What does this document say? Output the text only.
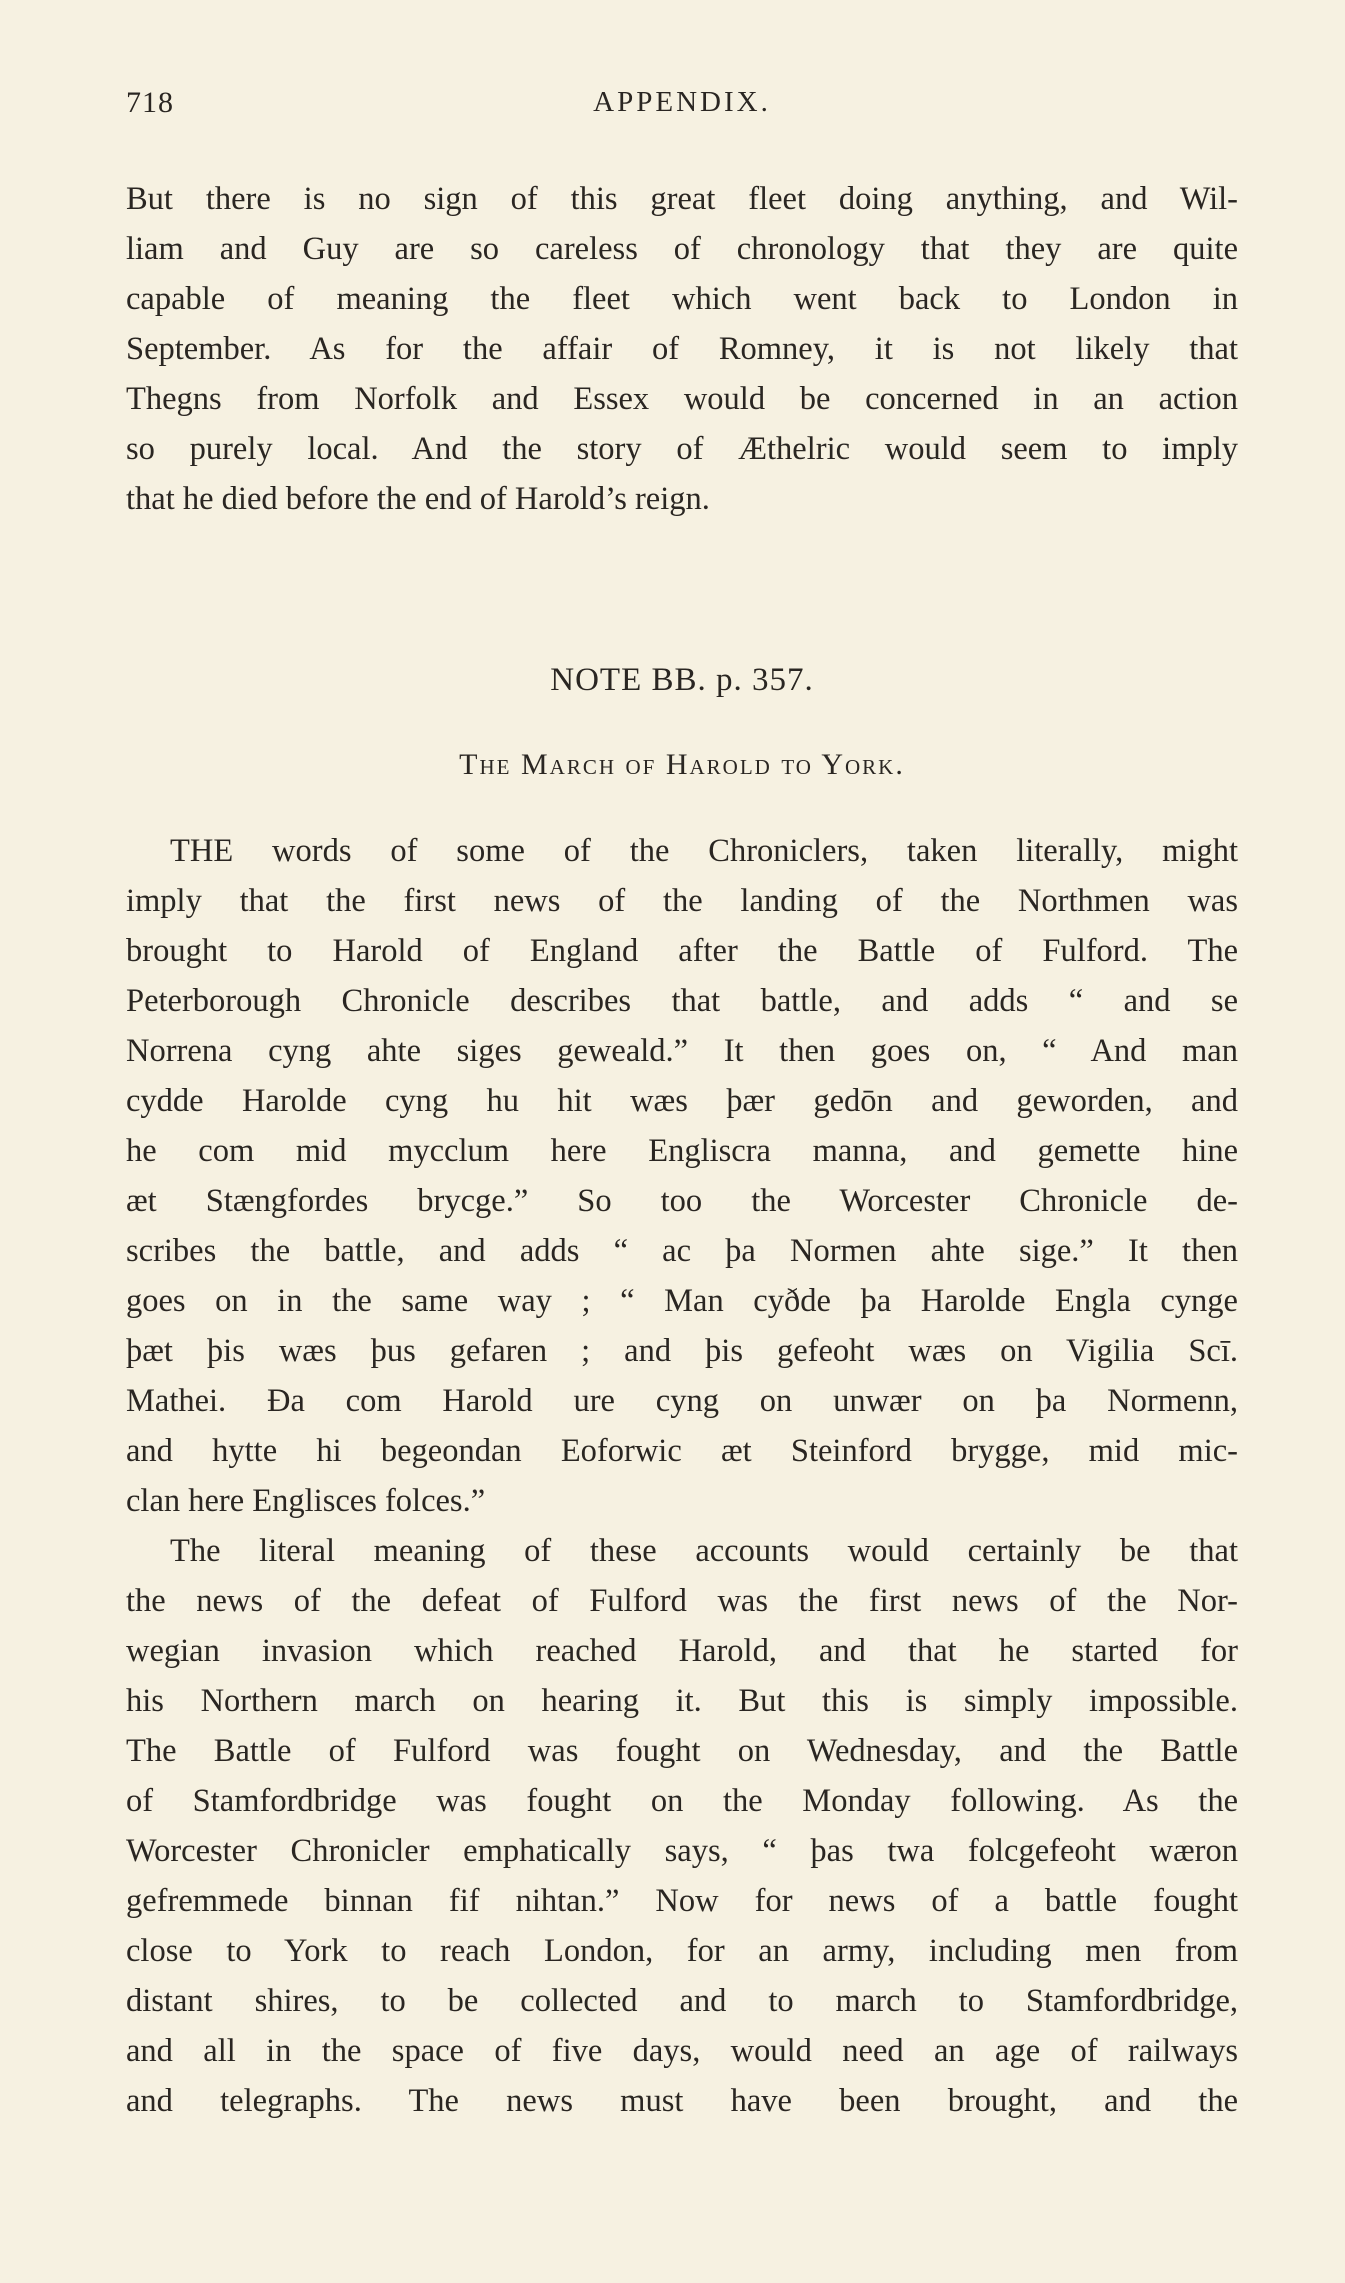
718	APPENDIX.
But there is no sign of this great fleet doing anything, and Wil-
liam and Guy are so careless of chronology that they are quite
capable of meaning the fleet which went back to London in
September. As for the affair of Romney, it is not likely that
Thegns from Norfolk and Essex would be concerned in an action
so purely local. And the story of Æthelric would seem to imply
that he died before the end of Harold’s reign.
NOTE BB. p. 357.
The March of Harold to York.
THE words of some of the Chroniclers, taken literally, might
imply that the first news of the landing of the Northmen was
brought to Harold of England after the Battle of Fulford. The
Peterborough Chronicle describes that battle, and adds “ and se
Norrena cyng ahte siges geweald.” It then goes on, “ And man
cydde Harolde cyng hu hit wæs þær gedōn and geworden, and
he com mid mycclum here Engliscra manna, and gemette hine
æt Stængfordes brycge.” So too the Worcester Chronicle de-
scribes the battle, and adds “ ac þa Normen ahte sige.” It then
goes on in the same way ; “ Man cyðde þa Harolde Engla cynge
þæt þis wæs þus gefaren ; and þis gefeoht wæs on Vigilia Scī.
Mathei. Ða com Harold ure cyng on unwær on þa Normenn,
and hytte hi begeondan Eoforwic æt Steinford brygge, mid mic-
clan here Englisces folces.”
The literal meaning of these accounts would certainly be that
the news of the defeat of Fulford was the first news of the Nor-
wegian invasion which reached Harold, and that he started for
his Northern march on hearing it. But this is simply impossible.
The Battle of Fulford was fought on Wednesday, and the Battle
of Stamfordbridge was fought on the Monday following. As the
Worcester Chronicler emphatically says, “ þas twa folcgefeoht wæron
gefremmede binnan fif nihtan.” Now for news of a battle fought
close to York to reach London, for an army, including men from
distant shires, to be collected and to march to Stamfordbridge,
and all in the space of five days, would need an age of railways
and telegraphs. The news must have been brought, and the
